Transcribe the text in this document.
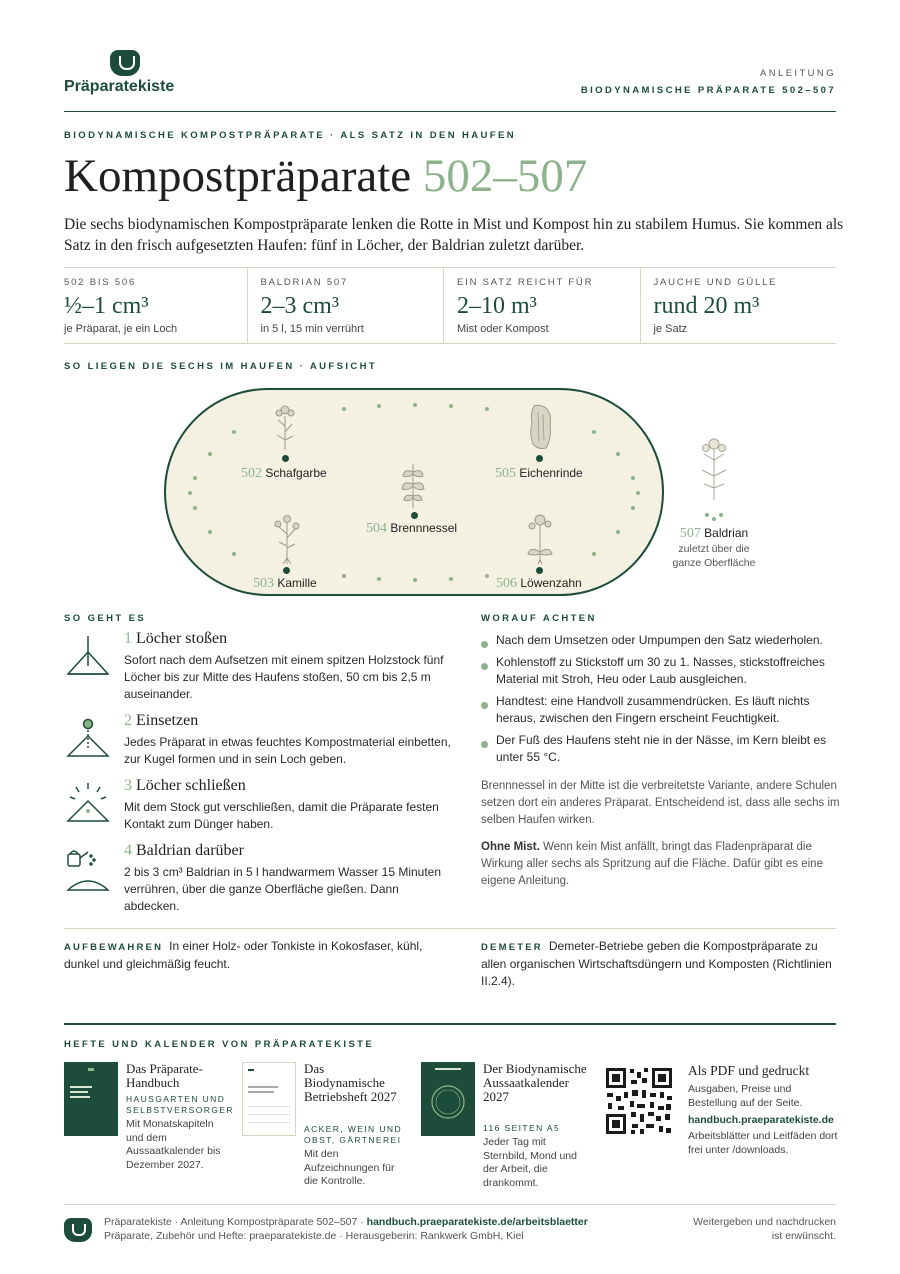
Präparatekiste
ANLEITUNG
BIODYNAMISCHE PRÄPARATE 502–507
BIODYNAMISCHE KOMPOSTPRÄPARATE · ALS SATZ IN DEN HAUFEN
Kompostpräparate 502–507
Die sechs biodynamischen Kompostpräparate lenken die Rotte in Mist und Kompost hin zu stabilem Humus. Sie kommen als Satz in den frisch aufgesetzten Haufen: fünf in Löcher, der Baldrian zuletzt darüber.
502 BIS 506
½–1 cm³
je Präparat, je ein Loch
BALDRIAN 507
2–3 cm³
in 5 l, 15 min verrührt
EIN SATZ REICHT FÜR
2–10 m³
Mist oder Kompost
JAUCHE UND GÜLLE
rund 20 m³
je Satz
SO LIEGEN DIE SECHS IM HAUFEN · AUFSICHT
502 Schafgarbe	505 Eichenrinde
504 Brennnessel
503 Kamille	506 Löwenzahn
507 Baldrian
zuletzt über die ganze Oberfläche
SO GEHT ES
1 Löcher stoßen
Sofort nach dem Aufsetzen mit einem spitzen Holzstock fünf Löcher bis zur Mitte des Haufens stoßen, 50 cm bis 2,5 m auseinander.
2 Einsetzen
Jedes Präparat in etwas feuchtes Kompostmaterial einbetten, zur Kugel formen und in sein Loch geben.
3 Löcher schließen
Mit dem Stock gut verschließen, damit die Präparate festen Kontakt zum Dünger haben.
4 Baldrian darüber
2 bis 3 cm³ Baldrian in 5 l handwarmem Wasser 15 Minuten verrühren, über die ganze Oberfläche gießen. Dann abdecken.
WORAUF ACHTEN
Nach dem Umsetzen oder Umpumpen den Satz wiederholen.
Kohlenstoff zu Stickstoff um 30 zu 1. Nasses, stickstoffreiches Material mit Stroh, Heu oder Laub ausgleichen.
Handtest: eine Handvoll zusammendrücken. Es läuft nichts heraus, zwischen den Fingern erscheint Feuchtigkeit.
Der Fuß des Haufens steht nie in der Nässe, im Kern bleibt es unter 55 °C.
Brennnessel in der Mitte ist die verbreitetste Variante, andere Schulen setzen dort ein anderes Präparat. Entscheidend ist, dass alle sechs im selben Haufen wirken.
Ohne Mist. Wenn kein Mist anfällt, bringt das Fladenpräparat die Wirkung aller sechs als Spritzung auf die Fläche. Dafür gibt es eine eigene Anleitung.
AUFBEWAHREN In einer Holz- oder Tonkiste in Kokosfaser, kühl, dunkel und gleichmäßig feucht.
DEMETER Demeter-Betriebe geben die Kompostpräparate zu allen organischen Wirtschaftsdüngern und Komposten (Richtlinien II.2.4).
HEFTE UND KALENDER VON PRÄPARATEKISTE
Das Präparate-Handbuch
HAUSGARTEN UND SELBSTVERSORGER
Mit Monatskapiteln und dem Aussaatkalender bis Dezember 2027.
Das Biodynamische Betriebsheft 2027
ACKER, WEIN UND OBST, GÄRTNEREI
Mit den Aufzeichnungen für die Kontrolle.
Der Biodynamische Aussaatkalender 2027
116 SEITEN A5
Jeder Tag mit Sternbild, Mond und der Arbeit, die drankommt.
Als PDF und gedruckt
Ausgaben, Preise und Bestellung auf der Seite.
handbuch.praeparatekiste.de
Arbeitsblätter und Leitfäden dort frei unter /downloads.
Präparatekiste · Anleitung Kompostpräparate 502–507 · handbuch.praeparatekiste.de/arbeitsblaetter
Präparate, Zubehör und Hefte: praeparatekiste.de · Herausgeberin: Rankwerk GmbH, Kiel
Weitergeben und nachdrucken
ist erwünscht.
